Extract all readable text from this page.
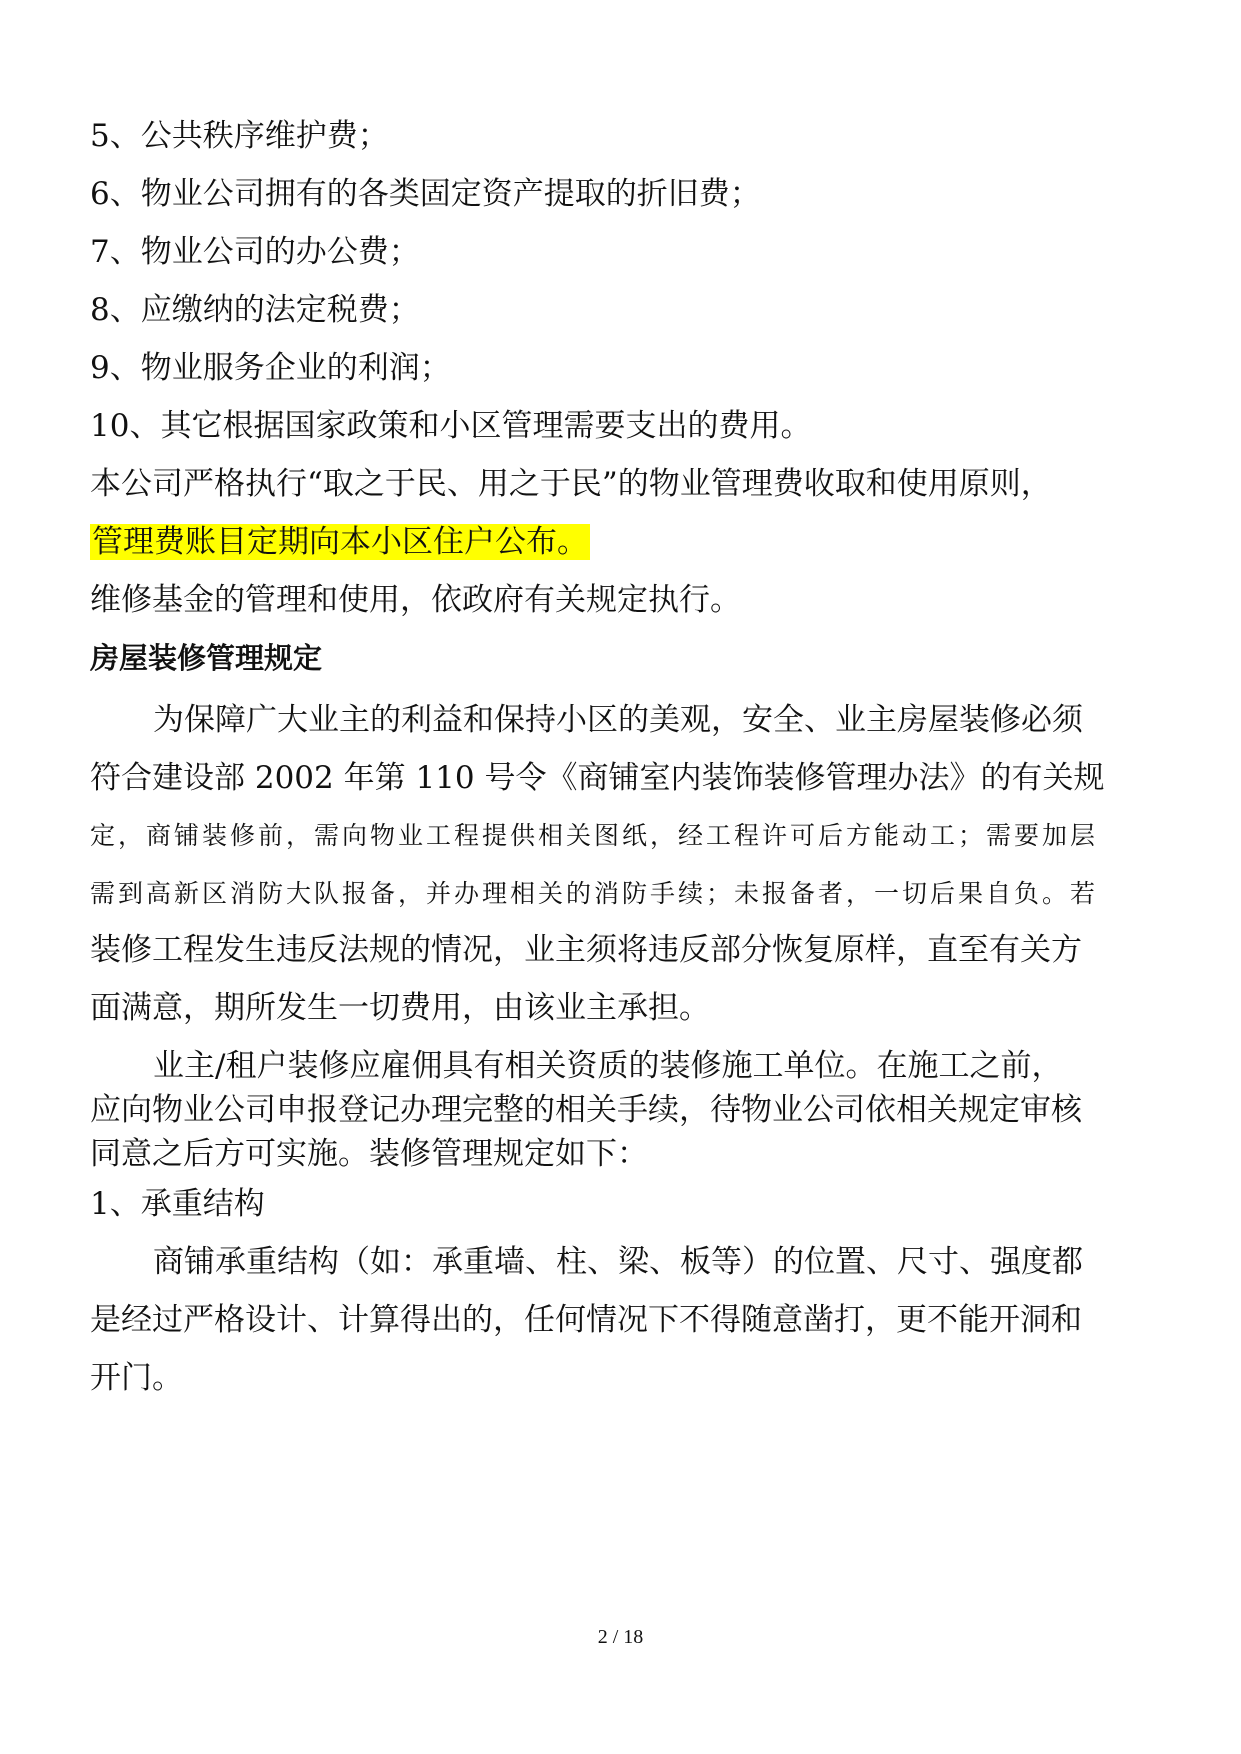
5、公共秩序维护费；
6、物业公司拥有的各类固定资产提取的折旧费；
7、物业公司的办公费；
8、应缴纳的法定税费；
9、物业服务企业的利润；
10、其它根据国家政策和小区管理需要支出的费用。
本公司严格执行“取之于民、用之于民”的物业管理费收取和使用原则，
管理费账目定期向本小区住户公布。
维修基金的管理和使用，依政府有关规定执行。
房屋装修管理规定
为保障广大业主的利益和保持小区的美观，安全、业主房屋装修必须
符合建设部 2002 年第 110 号令《商铺室内装饰装修管理办法》的有关规
定，商铺装修前，需向物业工程提供相关图纸，经工程许可后方能动工；需要加层
需到高新区消防大队报备，并办理相关的消防手续；未报备者，一切后果自负。若
装修工程发生违反法规的情况，业主须将违反部分恢复原样，直至有关方
面满意，期所发生一切费用，由该业主承担。
业主/租户装修应雇佣具有相关资质的装修施工单位。在施工之前，
应向物业公司申报登记办理完整的相关手续，待物业公司依相关规定审核
同意之后方可实施。装修管理规定如下：
1、承重结构
商铺承重结构（如：承重墙、柱、梁、板等）的位置、尺寸、强度都
是经过严格设计、计算得出的，任何情况下不得随意凿打，更不能开洞和
开门。
2 / 18
